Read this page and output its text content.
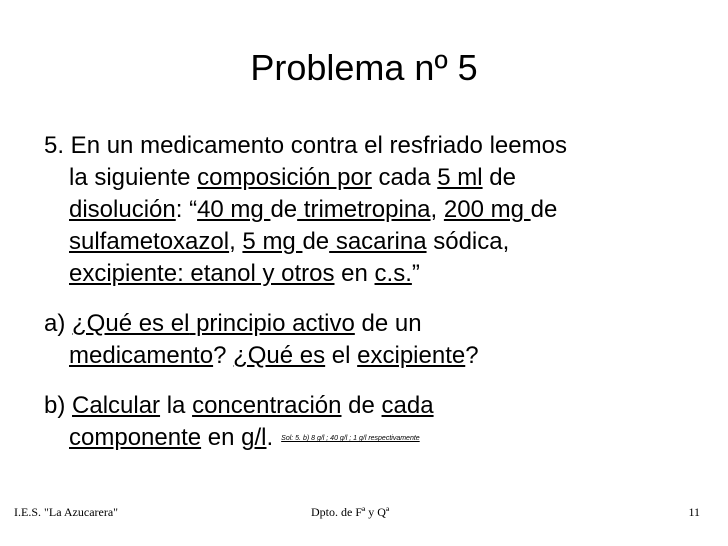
Problema nº 5
5. En un medicamento contra el resfriado leemos
la siguiente composición por cada 5 ml de
disolución: “40 mg de trimetropina, 200 mg de
sulfametoxazol, 5 mg de sacarina sódica,
excipiente: etanol y otros en c.s.”
a) ¿Qué es el principio activo de un
medicamento? ¿Qué es el excipiente?
b) Calcular la concentración de cada
componente en g/l. $^{Sol: 5. b) 8 g/l ; 40 g/l ; 1 g/l respectivamente}$
I.E.S. "La Azucarera"	Dpto. de Fª y Qª	11
